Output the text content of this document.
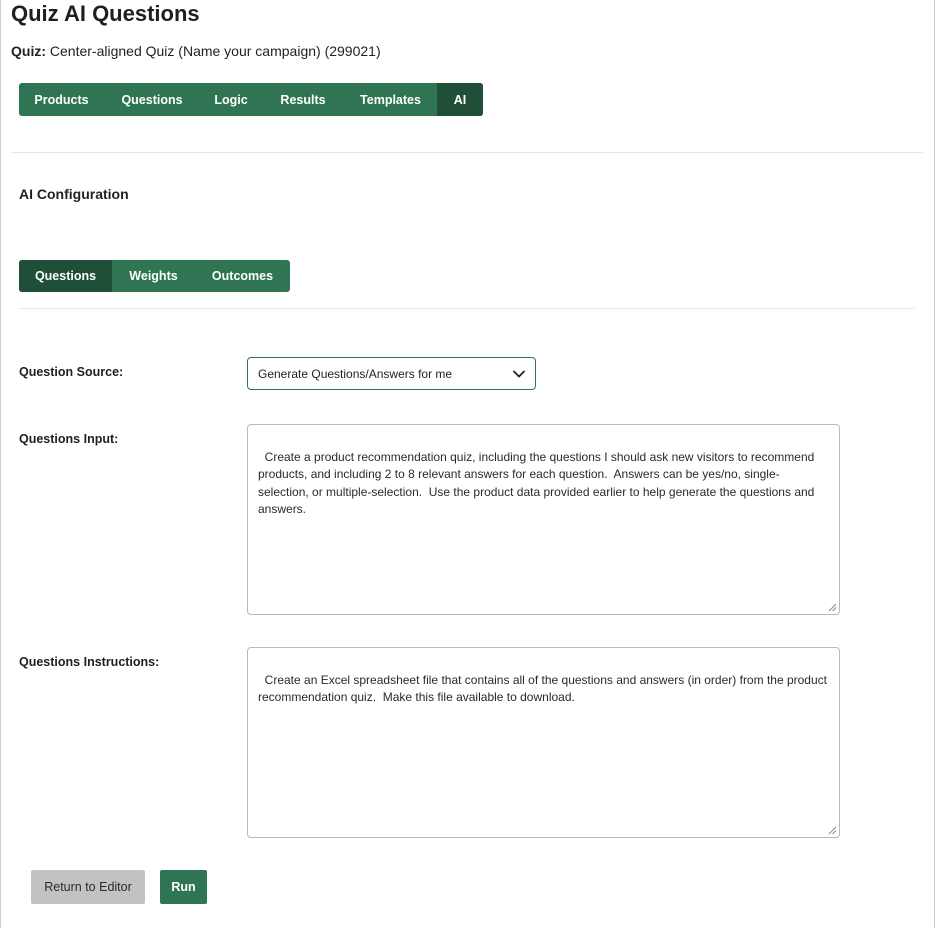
Quiz AI Questions
Quiz: Center-aligned Quiz (Name your campaign) (299021)
Products	Questions	Logic	Results	Templates	AI
AI Configuration
Questions	Weights	Outcomes
Question Source:	Generate Questions/Answers for me
Questions Input:

Create a product recommendation quiz, including the questions I should ask new visitors to recommend products, and including 2 to 8 relevant answers for each question.  Answers can be yes/no, single-selection, or multiple-selection.  Use the product data provided earlier to help generate the questions and answers.

Questions Instructions:

Create an Excel spreadsheet file that contains all of the questions and answers (in order) from the product recommendation quiz.  Make this file available to download.

Return to Editor	Run
